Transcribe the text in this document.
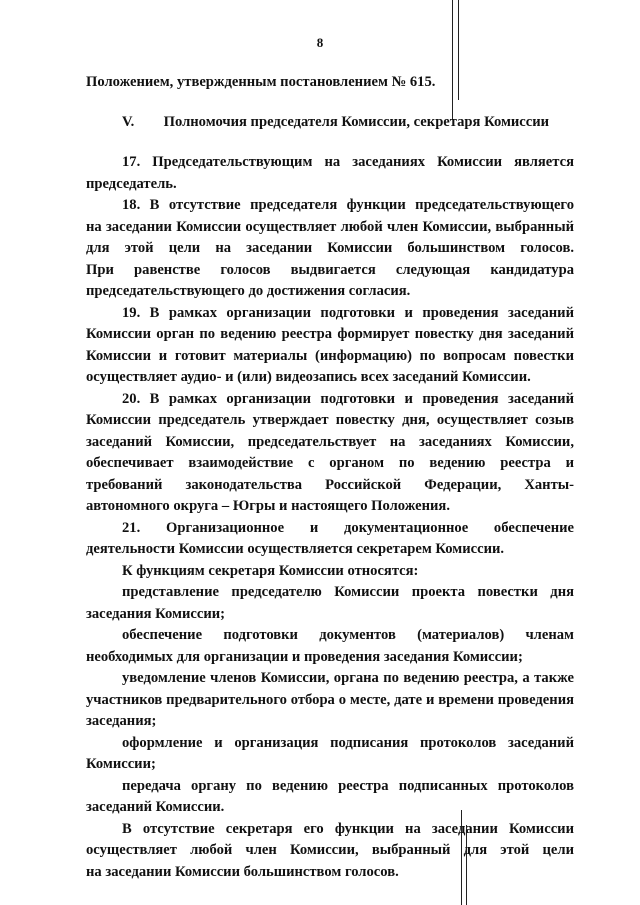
8
Положением, утвержденным постановлением № 615.
V. Полномочия председателя Комиссии, секретаря Комиссии
17. Председательствующим на заседаниях Комиссии является
председатель.
18. В отсутствие председателя функции председательствующего
на заседании Комиссии осуществляет любой член Комиссии, выбранный
для этой цели на заседании Комиссии большинством голосов.
При равенстве голосов выдвигается следующая кандидатура
председательствующего до достижения согласия.
19. В рамках организации подготовки и проведения заседаний
Комиссии орган по ведению реестра формирует повестку дня заседаний
Комиссии и готовит материалы (информацию) по вопросам повестки
осуществляет аудио- и (или) видеозапись всех заседаний Комиссии.
20. В рамках организации подготовки и проведения заседаний
Комиссии председатель утверждает повестку дня, осуществляет созыв
заседаний Комиссии, председательствует на заседаниях Комиссии,
обеспечивает взаимодействие с органом по ведению реестра и
требований законодательства Российской Федерации, Ханты-
автономного округа – Югры и настоящего Положения.
21. Организационное и документационное обеспечение
деятельности Комиссии осуществляется секретарем Комиссии.
К функциям секретаря Комиссии относятся:
представление председателю Комиссии проекта повестки дня
заседания Комиссии;
обеспечение подготовки документов (материалов) членам
необходимых для организации и проведения заседания Комиссии;
уведомление членов Комиссии, органа по ведению реестра, а также
участников предварительного отбора о месте, дате и времени проведения
заседания;
оформление и организация подписания протоколов заседаний
Комиссии;
передача органу по ведению реестра подписанных протоколов
заседаний Комиссии.
В отсутствие секретаря его функции на заседании Комиссии
осуществляет любой член Комиссии, выбранный для этой цели
на заседании Комиссии большинством голосов.
